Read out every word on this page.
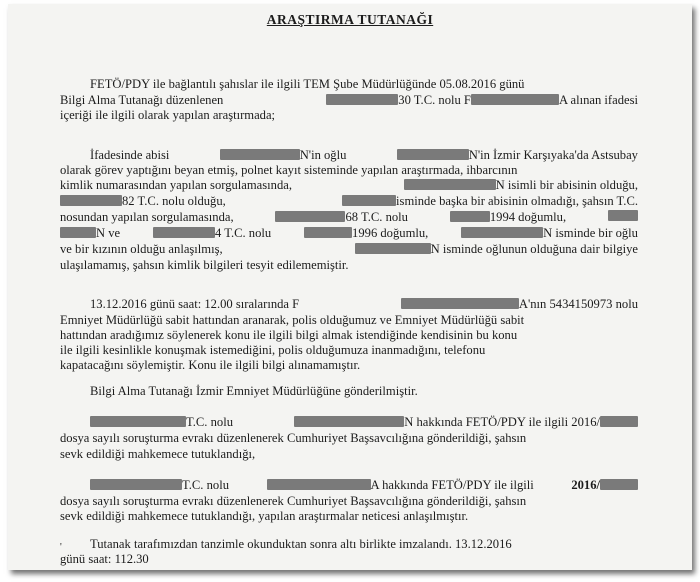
ARAŞTIRMA TUTANAĞI
FETÖ/PDY ile bağlantılı şahıslar ile ilgili TEM Şube Müdürlüğünde 05.08.2016 günü
Bilgi Alma Tutanağı düzenlenen	30 T.C. nolu F	A alınan ifadesi
içeriği ile ilgili olarak yapılan araştırmada;
İfadesinde abisi	N'in oğlu	N'in İzmir Karşıyaka'da Astsubay
olarak görev yaptığını beyan etmiş, polnet kayıt sisteminde yapılan araştırmada, ihbarcının
kimlik numarasından yapılan sorgulamasında,	N isimli bir abisinin olduğu,
82 T.C. nolu olduğu,	isminde başka bir abisinin olmadığı, şahsın T.C.
nosundan yapılan sorgulamasında,	68 T.C. nolu	1994 doğumlu,
N ve	4 T.C. nolu	1996 doğumlu,	N isminde bir oğlu
ve bir kızının olduğu anlaşılmış,	N isminde oğlunun olduğuna dair bilgiye
ulaşılamamış, şahsın kimlik bilgileri tesyit edilememiştir.
13.12.2016 günü saat: 12.00 sıralarında F	A'nın 5434150973 nolu
Emniyet Müdürlüğü sabit hattından aranarak, polis olduğumuz ve Emniyet Müdürlüğü sabit
hattından aradığımız söylenerek konu ile ilgili bilgi almak istendiğinde kendisinin bu konu
ile ilgili kesinlikle konuşmak istemediğini, polis olduğumuza inanmadığını, telefonu
kapatacağını söylemiştir. Konu ile ilgili bilgi alınamamıştır.
Bilgi Alma Tutanağı İzmir Emniyet Müdürlüğüne gönderilmiştir.
T.C. nolu	N hakkında FETÖ/PDY ile ilgili 2016/
dosya sayılı soruşturma evrakı düzenlenerek Cumhuriyet Başsavcılığına gönderildiği, şahsın
sevk edildiği mahkemece tutuklandığı,
T.C. nolu	A hakkında FETÖ/PDY ile ilgili	2016/
dosya sayılı soruşturma evrakı düzenlenerek Cumhuriyet Başsavcılığına gönderildiği, şahsın
sevk edildiği mahkemece tutuklandığı, yapılan araştırmalar neticesi anlaşılmıştır.
' Tutanak tarafımızdan tanzimle okunduktan sonra altı birlikte imzalandı. 13.12.2016
günü saat: 112.30
